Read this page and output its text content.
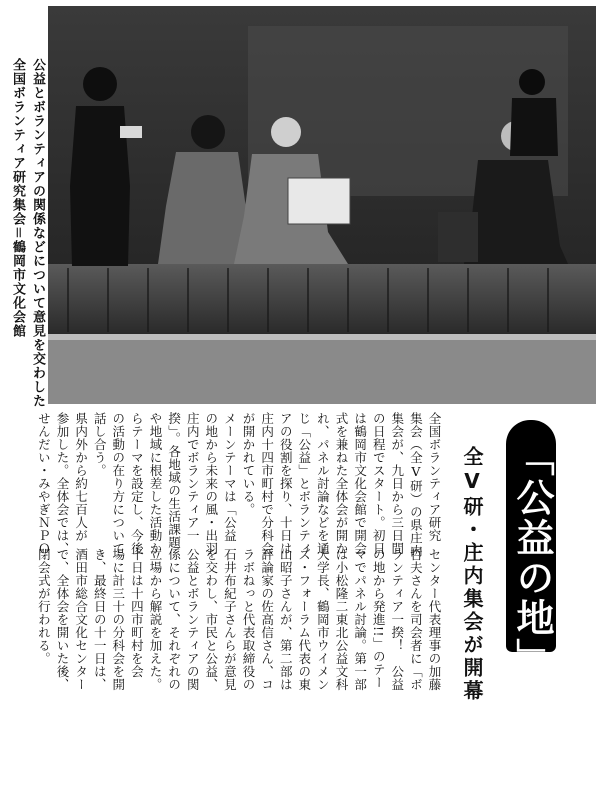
公益とボランティアの関係などについて意見を交わした
全国ボランティア研究集会＝鶴岡市文化会館
「公益の地」で討論
全Ⅴ研・庄内集会が開幕
全国ボランティア研究
集会（全Ⅴ研）の県庄内
集会が、九日から三日間
の日程でスタート。初日
は鶴岡市文化会館で開会
式を兼ねた全体会が開か
れ、パネル討論などを通
じ「公益」とボランティ
アの役割を探り、十日は
庄内十四市町村で分科会
が開かれている。
メーンテーマは「公益
の地から未来の風・出羽
庄内でボランティア一
揆」。各地域の生活課題
や地域に根差した活動か
らテーマを設定し、今後
の活動の在り方について
話し合う。
県内外から約七百人が
参加した。全体会では、
せんだい・みやぎＮＰＯ
センター代表理事の加藤
哲夫さんを司会者に「ボ
ランティア一揆！　公益
の地から発進!!」のテー
マでパネル討論。第一部
は小松隆二東北公益文科
大学長、鶴岡市ウイメン
ズ・フォーラム代表の東
山昭子さんが、第二部は
評論家の佐高信さん、コ
ラボねっと代表取締役の
石井布紀子さんらが意見
を交わし、市民と公益、
公益とボランティアの関
係について、それぞれの
立場から解説を加えた。
十日は十四市町村を会
場に計三十の分科会を開
き、最終日の十一日は、
酒田市総合文化センター
で、全体会を開いた後、
閉会式が行われる。
